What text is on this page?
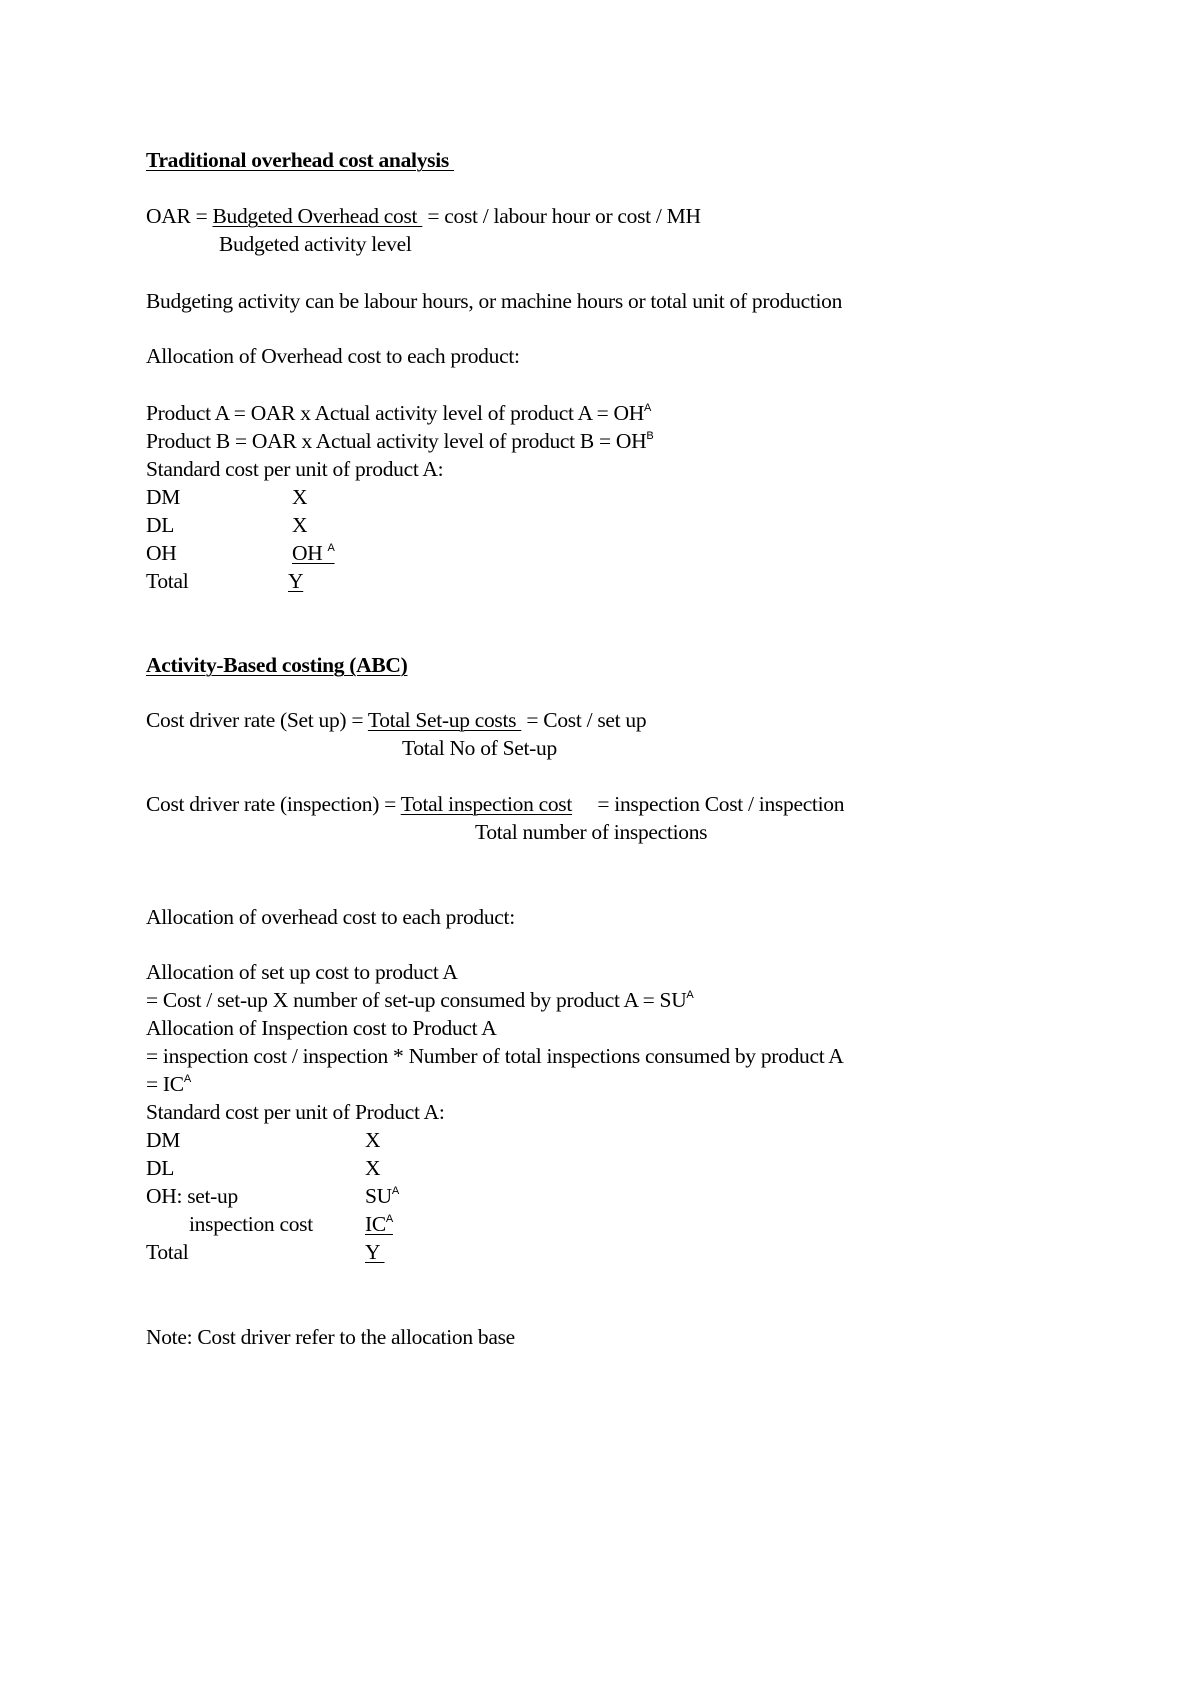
Traditional overhead cost analysis
OAR = Budgeted Overhead cost  = cost / labour hour or cost / MH
Budgeted activity level
Budgeting activity can be labour hours, or machine hours or total unit of production
Allocation of Overhead cost to each product:
Product A = OAR x Actual activity level of product $A = OH^A$
Product B = OAR x Actual activity level of product $B = OH^B$
Standard cost per unit of product A:
DM	X
DL	X
OH	OH $^A$
Total	Y
Activity-Based costing (ABC)
Cost driver rate (Set up) = Total Set-up costs  = Cost / set up
Total No of Set-up
Cost driver rate (inspection) = Total inspection cost     = inspection Cost / inspection
Total number of inspections
Allocation of overhead cost to each product:
Allocation of set up cost to product A
= Cost / set-up X number of set-up consumed by product $A = SU^A$
Allocation of Inspection cost to Product A
= inspection cost / inspection * Number of total inspections consumed by product A
= $IC^A$
Standard cost per unit of Product A:
DM	X
DL	X
OH: set-up	$SU^A$
inspection cost $IC^A$
Total	Y
Note: Cost driver refer to the allocation base
